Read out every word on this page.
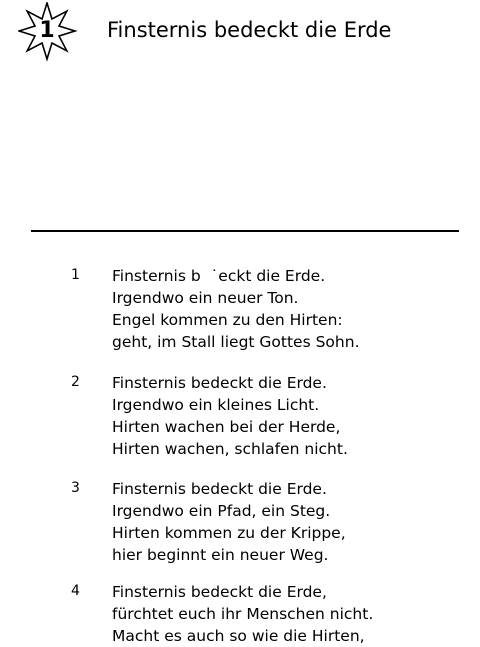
1	Finsternis bedeckt die Erde
1 Finsternis b  ˙eckt die Erde.
Irgendwo ein neuer Ton.
Engel kommen zu den Hirten:
geht, im Stall liegt Gottes Sohn.
2 Finsternis bedeckt die Erde.
Irgendwo ein kleines Licht.
Hirten wachen bei der Herde,
Hirten wachen, schlafen nicht.
3 Finsternis bedeckt die Erde.
Irgendwo ein Pfad, ein Steg.
Hirten kommen zu der Krippe,
hier beginnt ein neuer Weg.
4 Finsternis bedeckt die Erde,
fürchtet euch ihr Menschen nicht.
Macht es auch so wie die Hirten,
